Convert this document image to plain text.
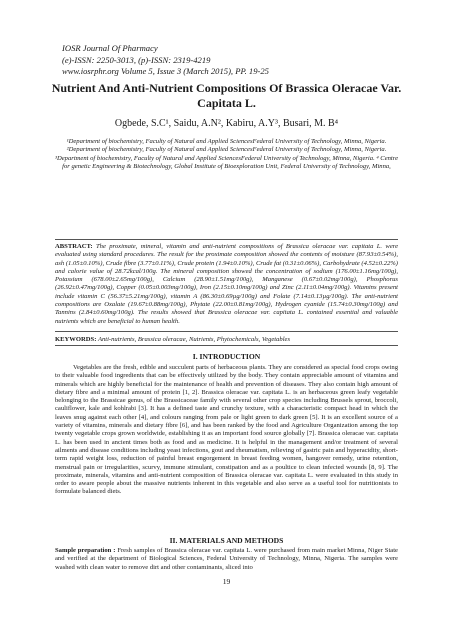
IOSR Journal Of Pharmacy
(e)-ISSN: 2250-3013, (p)-ISSN: 2319-4219
www.iosrphr.org Volume 5, Issue 3 (March 2015), PP. 19-25
Nutrient And Anti-Nutrient Compositions Of Brassica Oleracae Var. Capitata L.
Ogbede, S.C¹, Saidu, A.N², Kabiru, A.Y³, Busari, M. B⁴
¹Department of biochemistry, Faculty of Natural and Applied SciencesFederal University of Technology, Minna, Nigeria.
²Department of biochemistry, Faculty of Natural and Applied SciencesFederal University of Technology, Minna, Nigeria.
³Department of biochemistry, Faculty of Natural and Applied SciencesFederal University of Technology, Minna, Nigeria. ⁴ Centre for genetic Engineering & Biotechnology, Global Institute of Bioexploration Unit, Federal University of Technology, Minna,
ABSTRACT: The proximate, mineral, vitamin and anti-nutrient compositions of Brassica oleracae var. capitata L. were evaluated using standard procedures. The result for the proximate composition showed the contents of moisture (87.93±0.54%), ash (1.05±0.10%), Crude fibre (3.77±0.11%), Crude protein (1.94±0.10%), Crude fat (0.31±0.06%), Carbohydrate (4.52±0.22%) and calorie value of 28.72kcal/100g. The mineral composition showed the concentration of sodium (176.00±1.16mg/100g), Potassium (678.00±2.65mg/100g), Calcium (28.90±1.51mg/100g), Manganese (0.67±0.02mg/100g), Phosphorus (26.92±0.47mg/100g), Copper (0.05±0.003mg/100g), Iron (2.15±0.10mg/100g) and Zinc (2.11±0.04mg/100g). Vitamins present include vitamin C (56.37±5.21mg/100g), vitamin A (86.30±0.69µg/100g) and Folate (7.14±0.13µg/100g). The anti-nutrient compositions are Oxalate (19.67±0.88mg/100g), Phytate (22.00±0.81mg/100g), Hydrogen cyanide (15.74±0.30mg/100g) and Tannins (2.84±0.60mg/100g). The results showed that Brassica oleracae var. capitata L. contained essential and valuable nutrients which are beneficial to human health.
KEYWORDS: Anti-nutrients, Brassica oleracae, Nutrients, Phytochemicals, Vegetables
I. INTRODUCTION
Vegetables are the fresh, edible and succulent parts of herbaceous plants. They are considered as special food crops owing to their valuable food ingredients that can be effectively utilized by the body. They contain appreciable amount of vitamins and minerals which are highly beneficial for the maintenance of health and prevention of diseases. They also contain high amount of dietary fibre and a minimal amount of protein [1, 2]. Brassica oleracae var. capitata L. is an herbaceous green leafy vegetable belonging to the Brassicae genus, of the Brassicaceae family with several other crop species including Brussels sprout, broccoli, cauliflower, kale and kohlrabi [3]. It has a defined taste and crunchy texture, with a characteristic compact head in which the leaves snug against each other [4], and colours ranging from pale or light green to dark green [5]. It is an excellent source of a variety of vitamins, minerals and dietary fibre [6], and has been ranked by the food and Agriculture Organization among the top twenty vegetable crops grown worldwide, establishing it as an important food source globally [7]. Brassica oleracae var. capitata L. has been used in ancient times both as food and as medicine. It is helpful in the management and/or treatment of several ailments and disease conditions including yeast infections, gout and rheumatism, relieving of gastric pain and hyperacidity, short-term rapid weight loss, reduction of painful breast engorgement in breast feeding women, hangover remedy, urine retention, menstrual pain or irregularities, scurvy, immune stimulant, constipation and as a poultice to clean infected wounds [8, 9]. The proximate, minerals, vitamins and anti-nutrient composition of Brassica oleracae var. capitata L. were evaluated in this study in order to aware people about the massive nutrients inherent in this vegetable and also serve as a useful tool for nutritionists to formulate balanced diets.
II. MATERIALS AND METHODS
Sample preparation : Fresh samples of Brassica oleracae var. capitata L. were purchased from main market Minna, Niger State and verified at the department of Biological Sciences, Federal University of Technology, Minna, Nigeria. The samples were washed with clean water to remove dirt and other contaminants, sliced into
19
